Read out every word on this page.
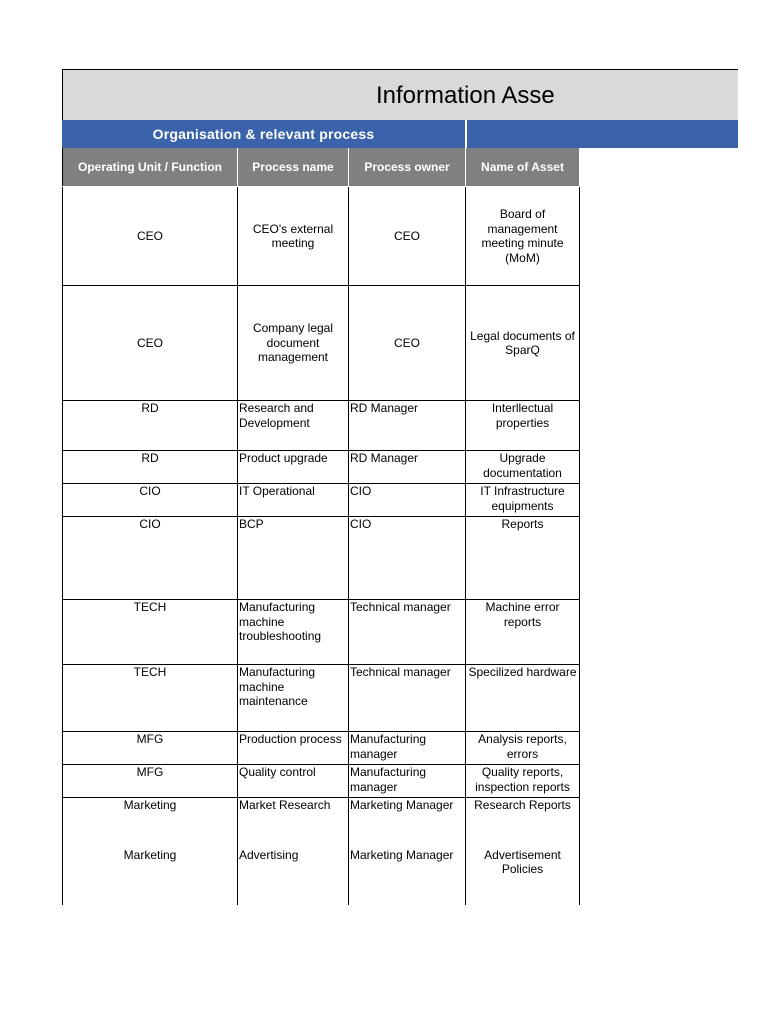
Information Asse
Organisation & relevant process
Operating Unit / Function	Process name	Process owner	Name of Asset
CEO	CEO's external meeting	CEO	Board of management meeting minute (MoM)
CEO	Company legal document management	CEO	Legal documents of SparQ
RD	Research and Development	RD Manager	Interllectual properties
RD	Product upgrade	RD Manager	Upgrade documentation
CIO	IT Operational	CIO	IT Infrastructure equipments
CIO	BCP	CIO	Reports
TECH	Manufacturing machine troubleshooting	Technical manager	Machine error reports
TECH	Manufacturing machine maintenance	Technical manager	Specilized hardware
MFG	Production process	Manufacturing manager	Analysis reports, errors
MFG	Quality control	Manufacturing manager	Quality reports, inspection reports
Marketing	Market Research	Marketing Manager	Research Reports
Marketing	Advertising	Marketing Manager	Advertisement Policies
